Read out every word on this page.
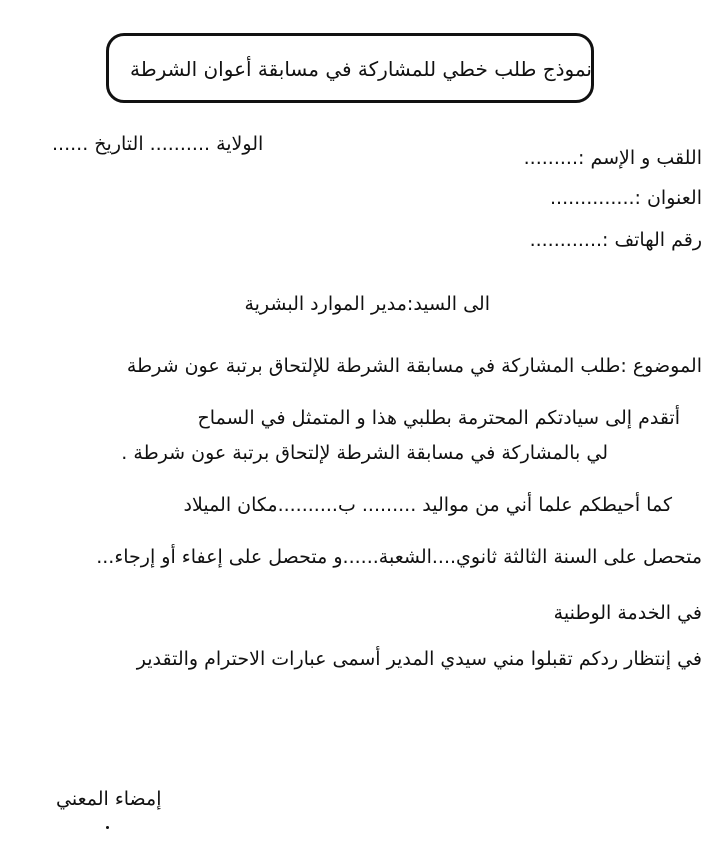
نموذج طلب خطي للمشاركة في مسابقة أعوان الشرطة
الولاية .......... التاريخ ......
اللقب و الإسم :.........
العنوان :..............
رقم الهاتف :............
الى السيد:مدير الموارد البشرية
الموضوع :طلب المشاركة في مسابقة الشرطة للإلتحاق برتبة عون شرطة
أتقدم إلى سيادتكم المحترمة بطلبي هذا و المتمثل في السماح
لي بالمشاركة في مسابقة الشرطة لإلتحاق برتبة عون شرطة .
كما أحيطكم علما أني من مواليد ......... ب..........مكان الميلاد
متحصل على السنة الثالثة ثانوي....الشعبة......و متحصل على إعفاء أو إرجاء...
في الخدمة الوطنية
في إنتظار ردكم تقبلوا مني سيدي المدير أسمى عبارات الاحترام والتقدير
إمضاء المعني
